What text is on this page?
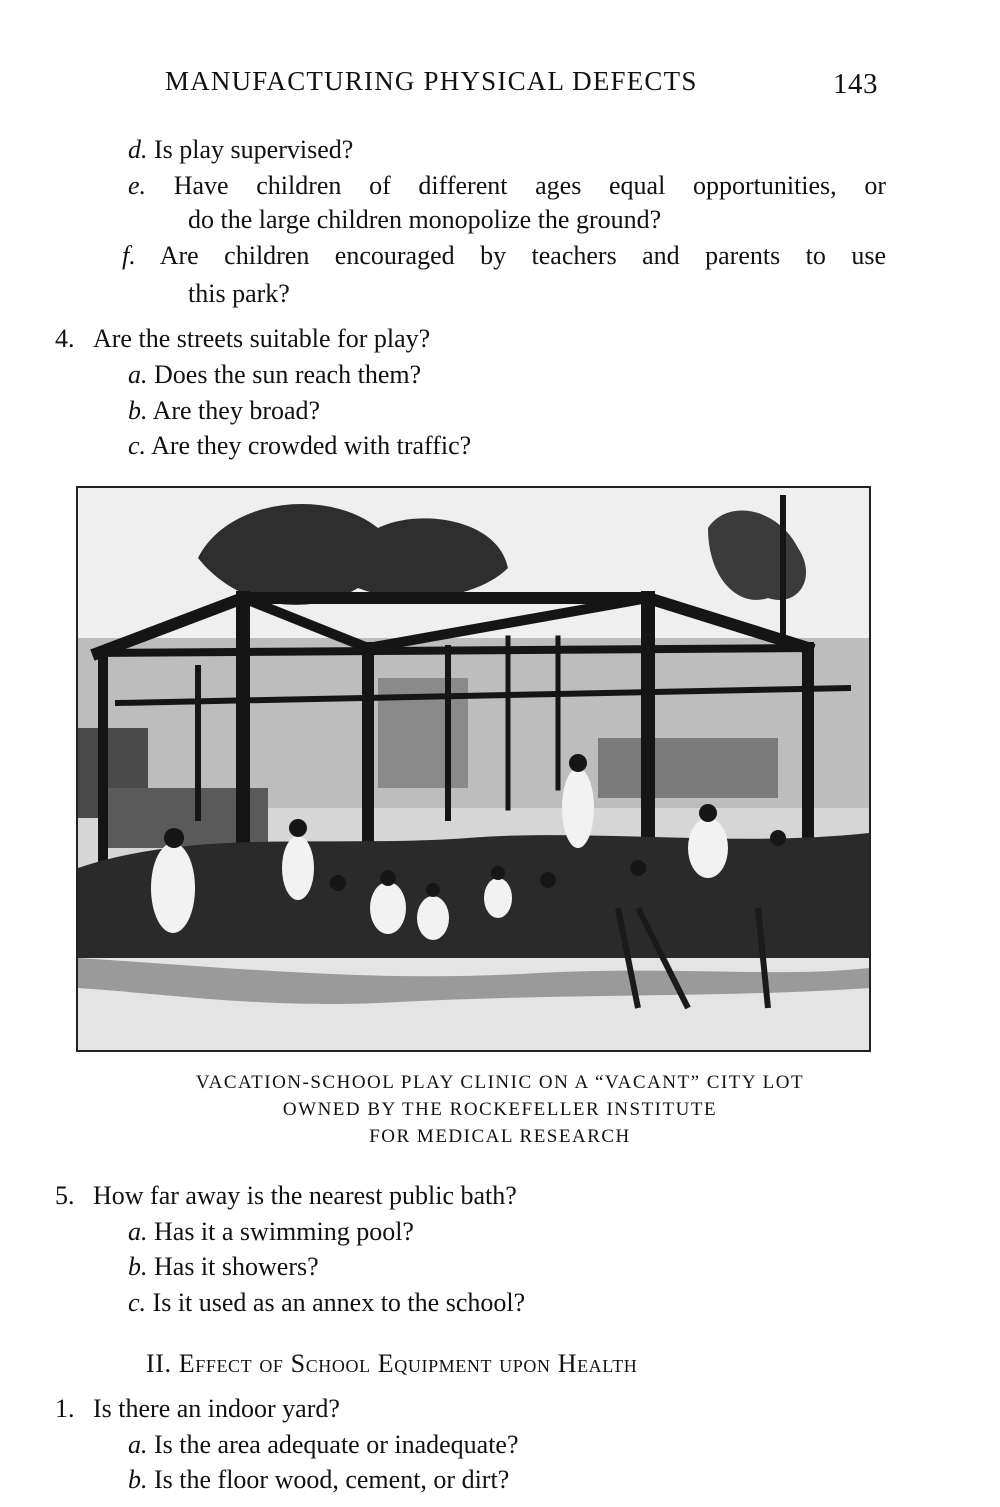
MANUFACTURING PHYSICAL DEFECTS	143
d. Is play supervised?
e. Have children of different ages equal opportunities, or
do the large children monopolize the ground?
f. Are children encouraged by teachers and parents to use
this park?
4. Are the streets suitable for play?
a. Does the sun reach them?
b. Are they broad?
c. Are they crowded with traffic?
VACATION-SCHOOL PLAY CLINIC ON A “VACANT” CITY LOT
OWNED BY THE ROCKEFELLER INSTITUTE
FOR MEDICAL RESEARCH
5. How far away is the nearest public bath?
a. Has it a swimming pool?
b. Has it showers?
c. Is it used as an annex to the school?
II. Effect of School Equipment upon Health
1. Is there an indoor yard?
a. Is the area adequate or inadequate?
b. Is the floor wood, cement, or dirt?
